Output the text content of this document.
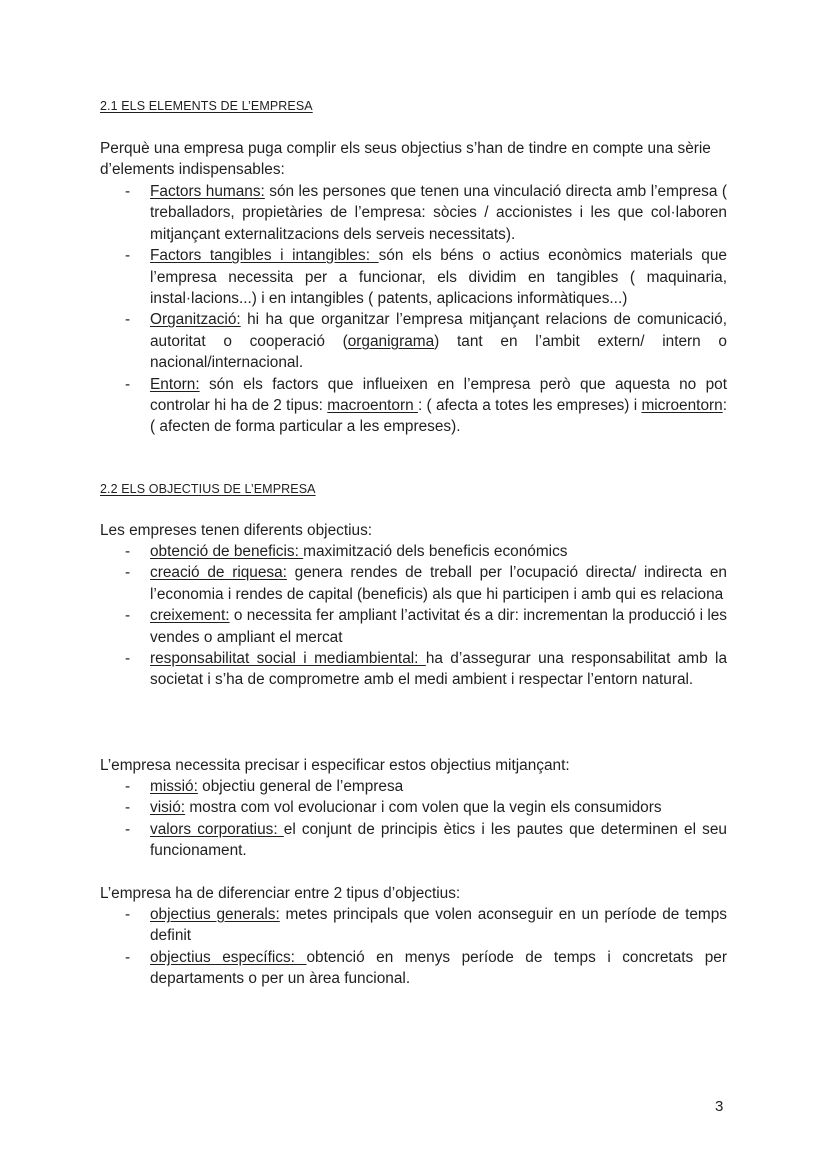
2.1 ELS ELEMENTS DE L’EMPRESA
Perquè una empresa puga complir els seus objectius s’han de tindre en compte una sèrie d’elements indispensables:
- Factors humans: són les persones que tenen una vinculació directa amb l’empresa ( treballadors, propietàries de l’empresa: sòcies / accionistes i les que col·laboren mitjançant externalitzacions dels serveis necessitats).
- Factors tangibles i intangibles: són els béns o actius econòmics materials que l’empresa necessita per a funcionar, els dividim en tangibles ( maquinaria, instal·lacions...) i en intangibles ( patents, aplicacions informàtiques...)
- Organització: hi ha que organitzar l’empresa mitjançant relacions de comunicació, autoritat o cooperació (organigrama) tant en l’ambit extern/ intern o nacional/internacional.
- Entorn: són els factors que influeixen en l’empresa però que aquesta no pot controlar hi ha de 2 tipus: macroentorn : ( afecta a totes les empreses) i microentorn: ( afecten de forma particular a les empreses).
2.2 ELS OBJECTIUS DE L’EMPRESA
Les empreses tenen diferents objectius:
- obtenció de beneficis: maximització dels beneficis económics
- creació de riquesa: genera rendes de treball per l’ocupació directa/ indirecta en l’economia i rendes de capital (beneficis) als que hi participen i amb qui es relaciona
- creixement: o necessita fer ampliant l’activitat és a dir: incrementan la producció i les vendes o ampliant el mercat
- responsabilitat social i mediambiental: ha d’assegurar una responsabilitat amb la societat i s’ha de comprometre amb el medi ambient i respectar l’entorn natural.
L’empresa necessita precisar i especificar estos objectius mitjançant:
- missió: objectiu general de l’empresa
- visió: mostra com vol evolucionar i com volen que la vegin els consumidors
- valors corporatius: el conjunt de principis ètics i les pautes que determinen el seu funcionament.
L’empresa ha de diferenciar entre 2 tipus d’objectius:
- objectius generals: metes principals que volen aconseguir en un període de temps definit
- objectius específics: obtenció en menys període de temps i concretats per departaments o per un àrea funcional.
3
